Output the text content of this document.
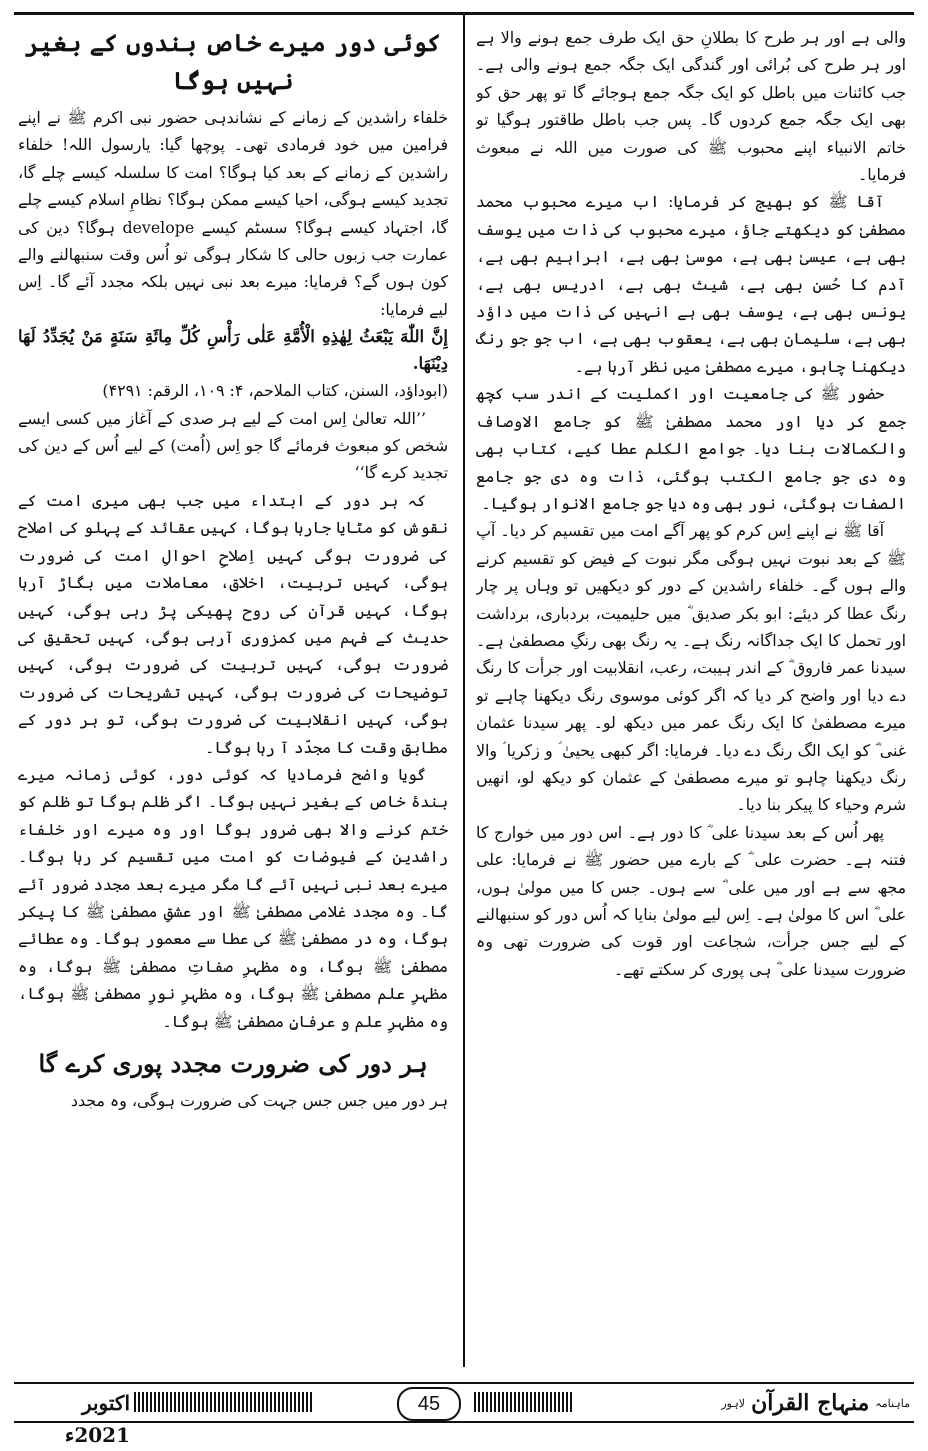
والی ہے اور ہر طرح کا بطلانِ حق ایک طرف جمع ہونے والا ہے اور ہر طرح کی بُرائی اور گندگی ایک جگہ جمع ہونے والی ہے۔ جب کائنات میں باطل کو ایک جگہ جمع ہوجائے گا تو پھر حق کو بھی ایک جگہ جمع کردوں گا۔ پس جب باطل طاقتور ہوگیا تو خاتم الانبیاء اپنے محبوب ﷺ کی صورت میں اللہ نے مبعوث فرمایا۔

آقا ﷺ کو بھیج کر فرمایا: اب میرے محبوب محمد مصطفیٰ کو دیکھتے جاؤ، میرے محبوب کی ذات میں یوسف بھی ہے، عیسیٰ بھی ہے، موسیٰ بھی ہے، ابراہیم بھی ہے، آدم کا حُسن بھی ہے، شیث بھی ہے، ادریس بھی ہے، یونس بھی ہے، یوسف بھی ہے انہیں کی ذات میں داؤد بھی ہے، سلیمان بھی ہے، یعقوب بھی ہے، اب جو جو رنگ دیکھنا چاہو، میرے مصطفیٰ میں نظر آرہا ہے۔

حضور ﷺ کی جامعیت اور اکملیت کے اندر سب کچھ جمع کر دیا اور محمد مصطفیٰ ﷺ کو جامع الاوصاف والکمالات بنا دیا۔ جوامع الکلم عطا کیے، کتاب بھی وہ دی جو جامع الکتب ہوگئی، ذات وہ دی جو جامع الصفات ہوگئی، نور بھی وہ دیا جو جامع الانوار ہوگیا۔

آقا ﷺ نے اپنے اِس کرم کو پھر آگے امت میں تقسیم کر دیا۔ آپ ﷺ کے بعد نبوت نہیں ہوگی مگر نبوت کے فیض کو تقسیم کرنے والے ہوں گے۔ خلفاء راشدین کے دور کو دیکھیں تو وہاں پر چار رنگ عطا کر دیئے: ابو بکر صدیق ؓ میں حلیمیت، بردباری، برداشت اور تحمل کا ایک جداگانہ رنگ ہے۔ یہ رنگ بھی رنگِ مصطفیٰ ہے۔ سیدنا عمر فاروق ؓ کے اندر ہیبت، رعب، انقلابیت اور جرأت کا رنگ دے دیا اور واضح کر دیا کہ اگر کوئی موسوی رنگ دیکھنا چاہے تو میرے مصطفیٰ کا ایک رنگ عمر میں دیکھ لو۔ پھر سیدنا عثمان غنی ؓ کو ایک الگ رنگ دے دیا۔ فرمایا: اگر کبھی یحییٰ ؑ و زکریا ؑ والا رنگ دیکھنا چاہو تو میرے مصطفیٰ کے عثمان کو دیکھ لو، انھیں شرم وحیاء کا پیکر بنا دیا۔

پھر اُس کے بعد سیدنا علی ؓ کا دور ہے۔ اس دور میں خوارج کا فتنہ ہے۔ حضرت علی ؓ کے بارے میں حضور ﷺ نے فرمایا: علی مجھ سے ہے اور میں علی ؓ سے ہوں۔ جس کا میں مولیٰ ہوں، علی ؓ اس کا مولیٰ ہے۔ اِس لیے مولیٰ بنایا کہ اُس دور کو سنبھالنے کے لیے جس جرأت، شجاعت اور قوت کی ضرورت تھی وہ ضرورت سیدنا علی ؓ ہی پوری کر سکتے تھے۔

کوئی دور میرے خاص بندوں کے بغیر نہیں ہوگا

خلفاء راشدین کے زمانے کے نشاندہی حضور نبی اکرم ﷺ نے اپنے فرامین میں خود فرمادی تھی۔ پوچھا گیا: یارسول اللہ! خلفاء راشدین کے زمانے کے بعد کیا ہوگا؟ امت کا سلسلہ کیسے چلے گا، تجدید کیسے ہوگی، احیا کیسے ممکن ہوگا؟ نظامِ اسلام کیسے چلے گا، اجتہاد کیسے ہوگا؟ سسٹم کیسے develope ہوگا؟ دین کی عمارت جب زبوں حالی کا شکار ہوگی تو اُس وقت سنبھالنے والے کون ہوں گے؟ فرمایا: میرے بعد نبی نہیں بلکہ مجدد آئے گا۔ اِس لیے فرمایا:

إِنَّ اللّٰهَ يَبْعَثُ لِهٰذِهِ الْأُمَّةِ عَلٰى رَأْسِ كُلِّ مِائَةِ سَنَةٍ مَنْ يُجَدِّدُ لَهَا دِيْنَهَا.

(ابوداؤد، السنن، کتاب الملاحم، ۴: ۱۰۹، الرقم: ۴۲۹۱)

’’اللہ تعالیٰ اِس امت کے لیے ہر صدی کے آغاز میں کسی ایسے شخص کو مبعوث فرمائے گا جو اِس (اُمت) کے لیے اُس کے دین کی تجدید کرے گا‘‘

کہ ہر دور کے ابتداء میں جب بھی میری امت کے نقوش کو مٹایا جارہا ہوگا، کہیں عقائد کے پہلو کی اصلاح کی ضرورت ہوگی کہیں اِصلاحِ احوالِ امت کی ضرورت ہوگی، کہیں تربیت، اخلاق، معاملات میں بگاڑ آرہا ہوگا، کہیں قرآن کی روح پھیکی پڑ رہی ہوگی، کہیں حدیث کے فہم میں کمزوری آرہی ہوگی، کہیں تحقیق کی ضرورت ہوگی، کہیں تربیت کی ضرورت ہوگی، کہیں توضیحات کی ضرورت ہوگی، کہیں تشریحات کی ضرورت ہوگی، کہیں انقلابیت کی ضرورت ہوگی، تو ہر دور کے مطابق وقت کا مجدّد آ رہا ہوگا۔

گویا واضح فرمادیا کہ کوئی دور، کوئی زمانہ میرے بندۂ خاص کے بغیر نہیں ہوگا۔ اگر ظلم ہوگا تو ظلم کو ختم کرنے والا بھی ضرور ہوگا اور وہ میرے اور خلفاء راشدین کے فیوضات کو امت میں تقسیم کر رہا ہوگا۔ میرے بعد نبی نہیں آئے گا مگر میرے بعد مجدد ضرور آئے گا۔ وہ مجدد غلامی مصطفیٰ ﷺ اور عشقِ مصطفیٰ ﷺ کا پیکر ہوگا، وہ در مصطفیٰ ﷺ کی عطا سے معمور ہوگا۔ وہ عطائے مصطفیٰ ﷺ ہوگا، وہ مظہرِ صفاتِ مصطفیٰ ﷺ ہوگا، وہ مظہرِ علم مصطفیٰ ﷺ ہوگا، وہ مظہرِ نورِ مصطفیٰ ﷺ ہوگا، وہ مظہرِ علم و عرفانِ مصطفیٰ ﷺ ہوگا۔

ہر دور کی ضرورت مجدد پوری کرے گا

ہر دور میں جس جس جہت کی ضرورت ہوگی، وہ مجدد

ماہنامہ
منہاج القرآن
لاہور
45
اکتوبر 2021ء
